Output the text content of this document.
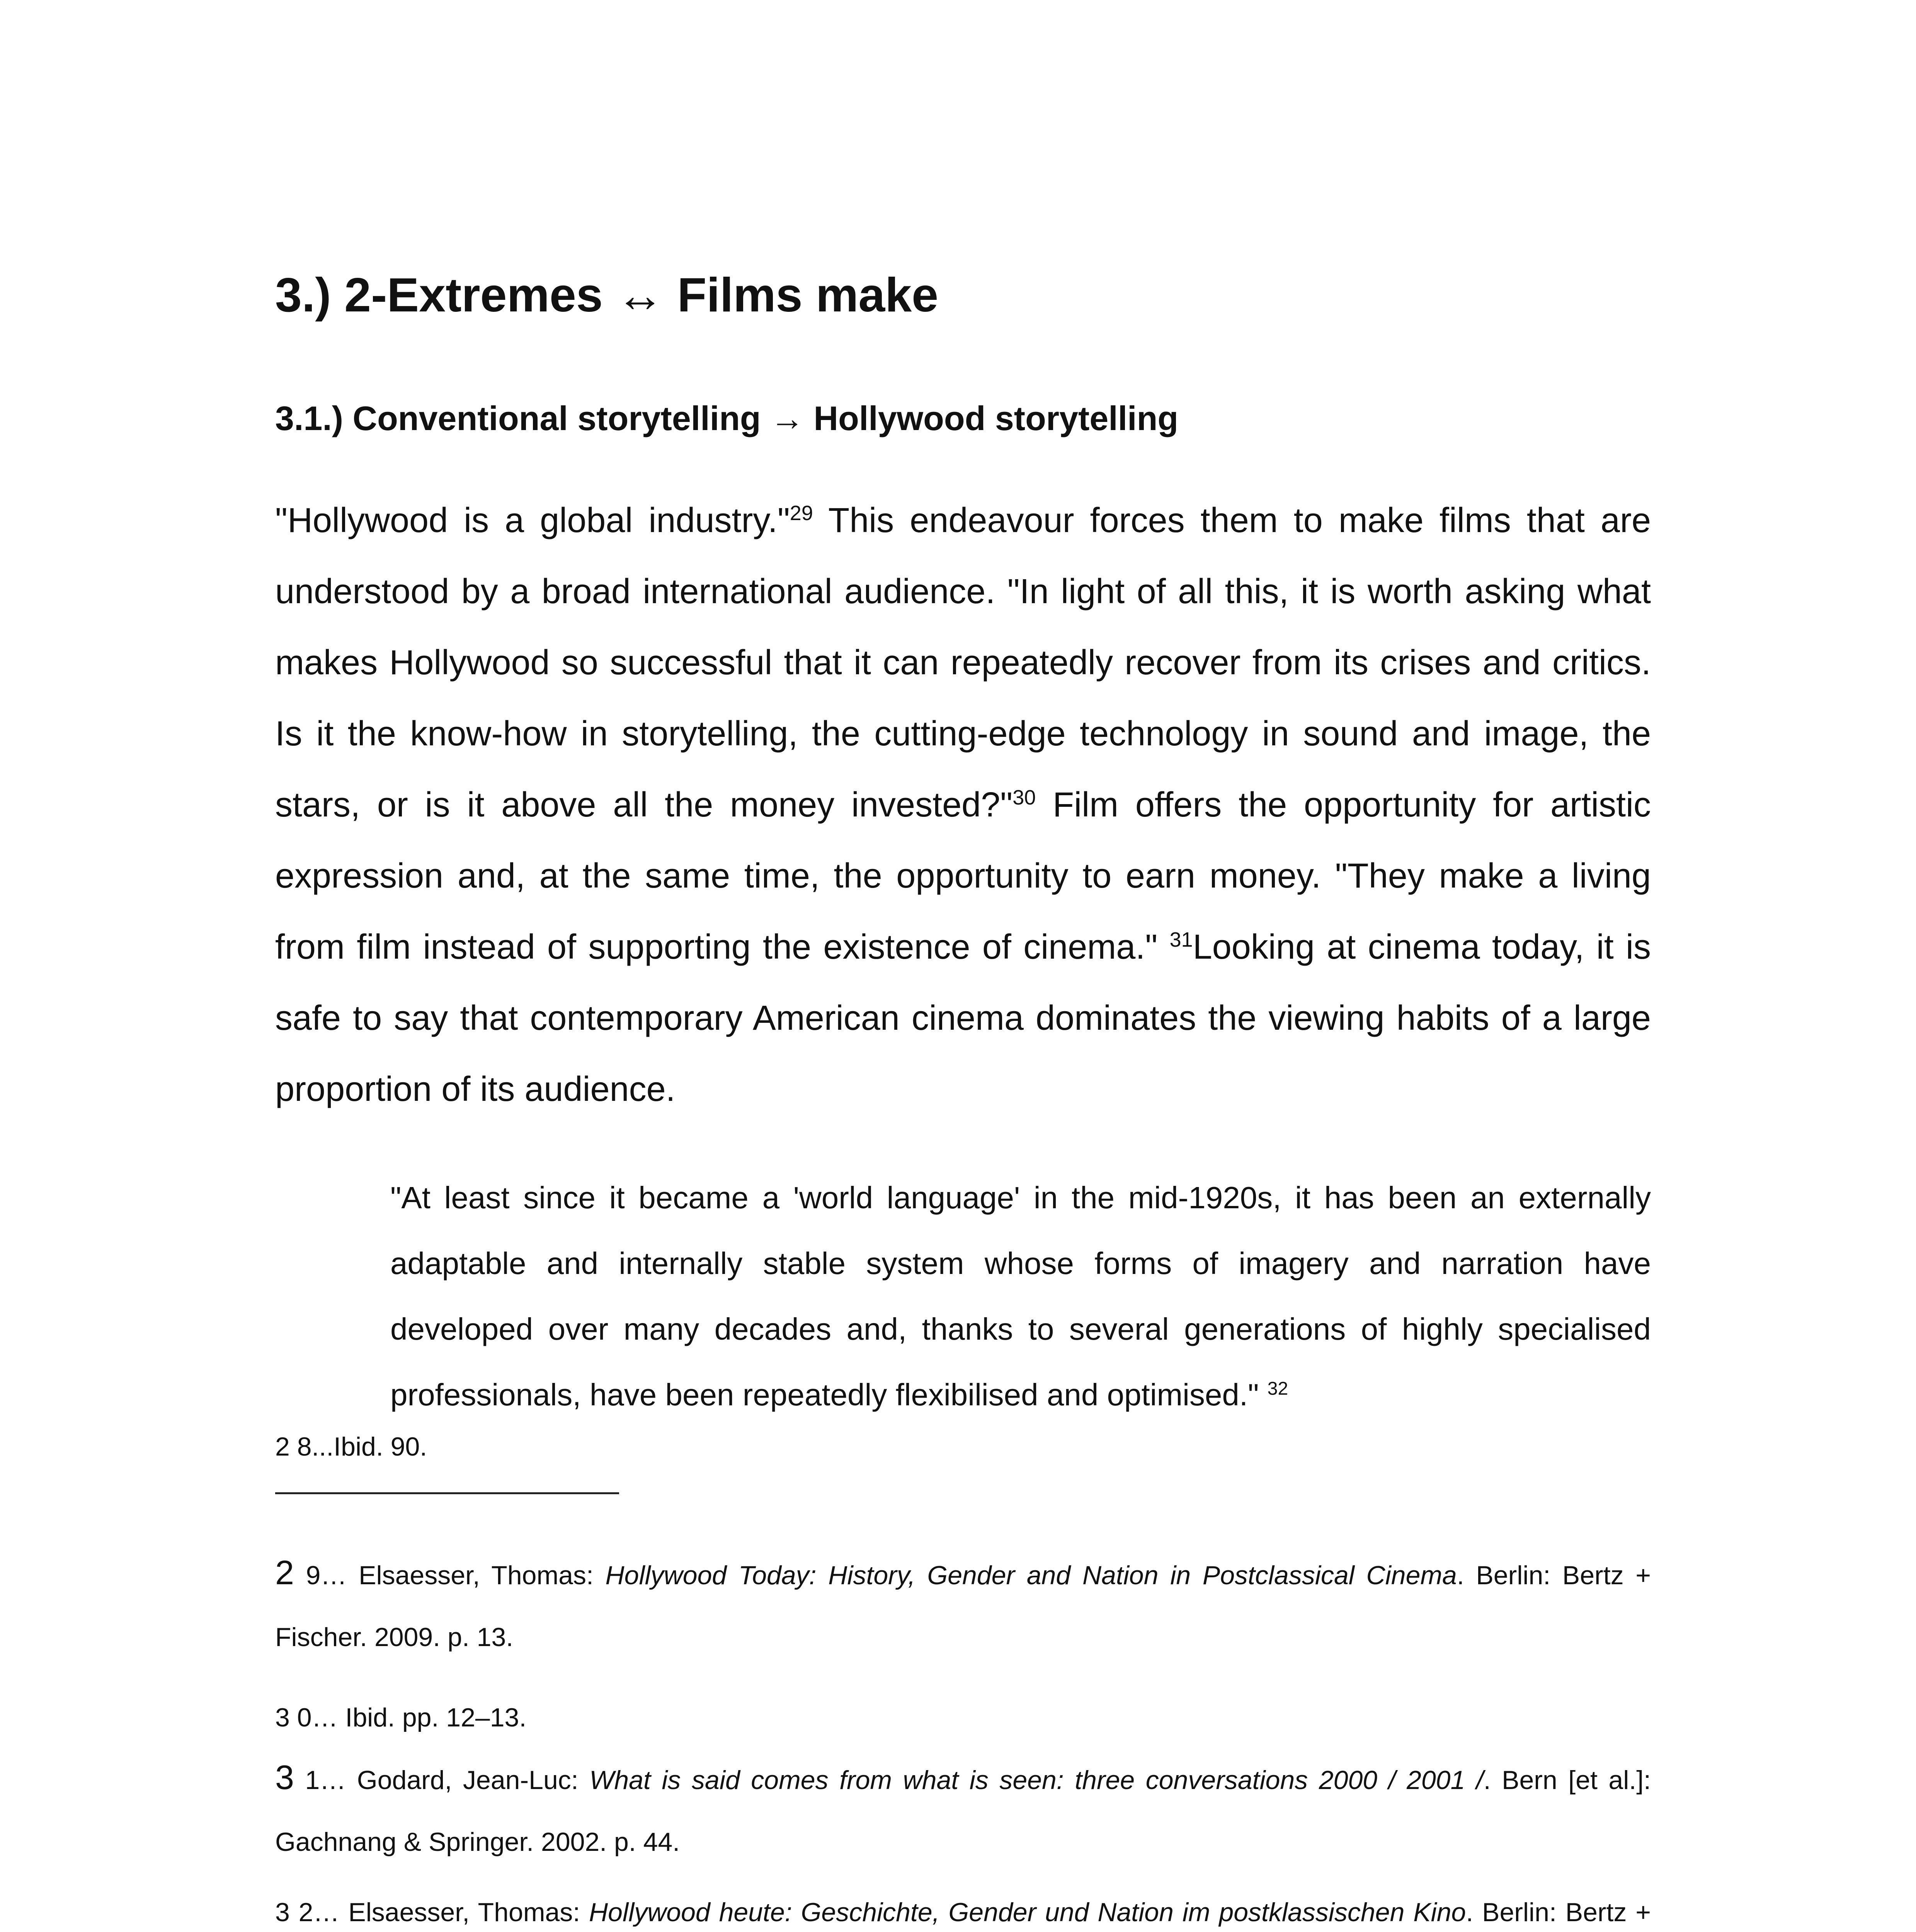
3.) 2-Extremes ↔ Films make
3.1.) Conventional storytelling → Hollywood storytelling

"Hollywood is a global industry."$^{29}$ This endeavour forces them to make films that are understood by a broad international audience. "In light of all this, it is worth asking what makes Hollywood so successful that it can repeatedly recover from its crises and critics. Is it the know-how in storytelling, the cutting-edge technology in sound and image, the stars, or is it above all the money invested?"$^{30}$ Film offers the opportunity for artistic expression and, at the same time, the opportunity to earn money. "They make a living from film instead of supporting the existence of cinema." $^{31}$Looking at cinema today, it is safe to say that contemporary American cinema dominates the viewing habits of a large proportion of its audience.

"At least since it became a 'world language' in the mid-1920s, it has been an externally adaptable and internally stable system whose forms of imagery and narration have developed over many decades and, thanks to several generations of highly specialised professionals, have been repeatedly flexibilised and optimised." $^{32}$

2 8...Ibid. 90.

2 9… Elsaesser, Thomas: Hollywood Today: History, Gender and Nation in Postclassical Cinema. Berlin: Bertz + Fischer. 2009. p. 13.

3 0… Ibid. pp. 12–13.

3 1… Godard, Jean-Luc: What is said comes from what is seen: three conversations 2000 / 2001 /. Bern [et al.]: Gachnang & Springer. 2002. p. 44.

3 2… Elsaesser, Thomas: Hollywood heute: Geschichte, Gender und Nation im postklassischen Kino. Berlin: Bertz +
